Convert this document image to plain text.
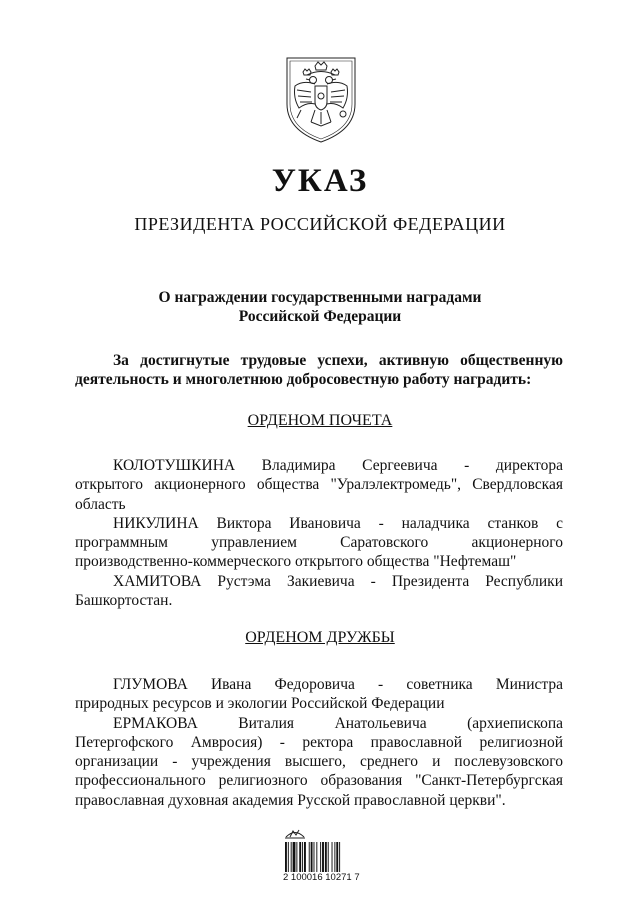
УКАЗ
ПРЕЗИДЕНТА РОССИЙСКОЙ ФЕДЕРАЦИИ
О награждении государственными наградами
Российской Федерации
За достигнутые трудовые успехи, активную общественную
деятельность и многолетнюю добросовестную работу наградить:
ОРДЕНОМ ПОЧЕТА
КОЛОТУШКИНА Владимира Сергеевича - директора
открытого акционерного общества "Уралэлектромедь", Свердловская
область
НИКУЛИНА Виктора Ивановича - наладчика станков с
программным управлением Саратовского акционерного
производственно-коммерческого открытого общества "Нефтемаш"
ХАМИТОВА Рустэма Закиевича - Президента Республики
Башкортостан.
ОРДЕНОМ ДРУЖБЫ
ГЛУМОВА Ивана Федоровича - советника Министра
природных ресурсов и экологии Российской Федерации
ЕРМАКОВА Виталия Анатольевича (архиепископа
Петергофского Амвросия) - ректора православной религиозной
организации - учреждения высшего, среднего и послевузовского
профессионального религиозного образования "Санкт-Петербургская
православная духовная академия Русской православной церкви".
2 100016 10271 7
